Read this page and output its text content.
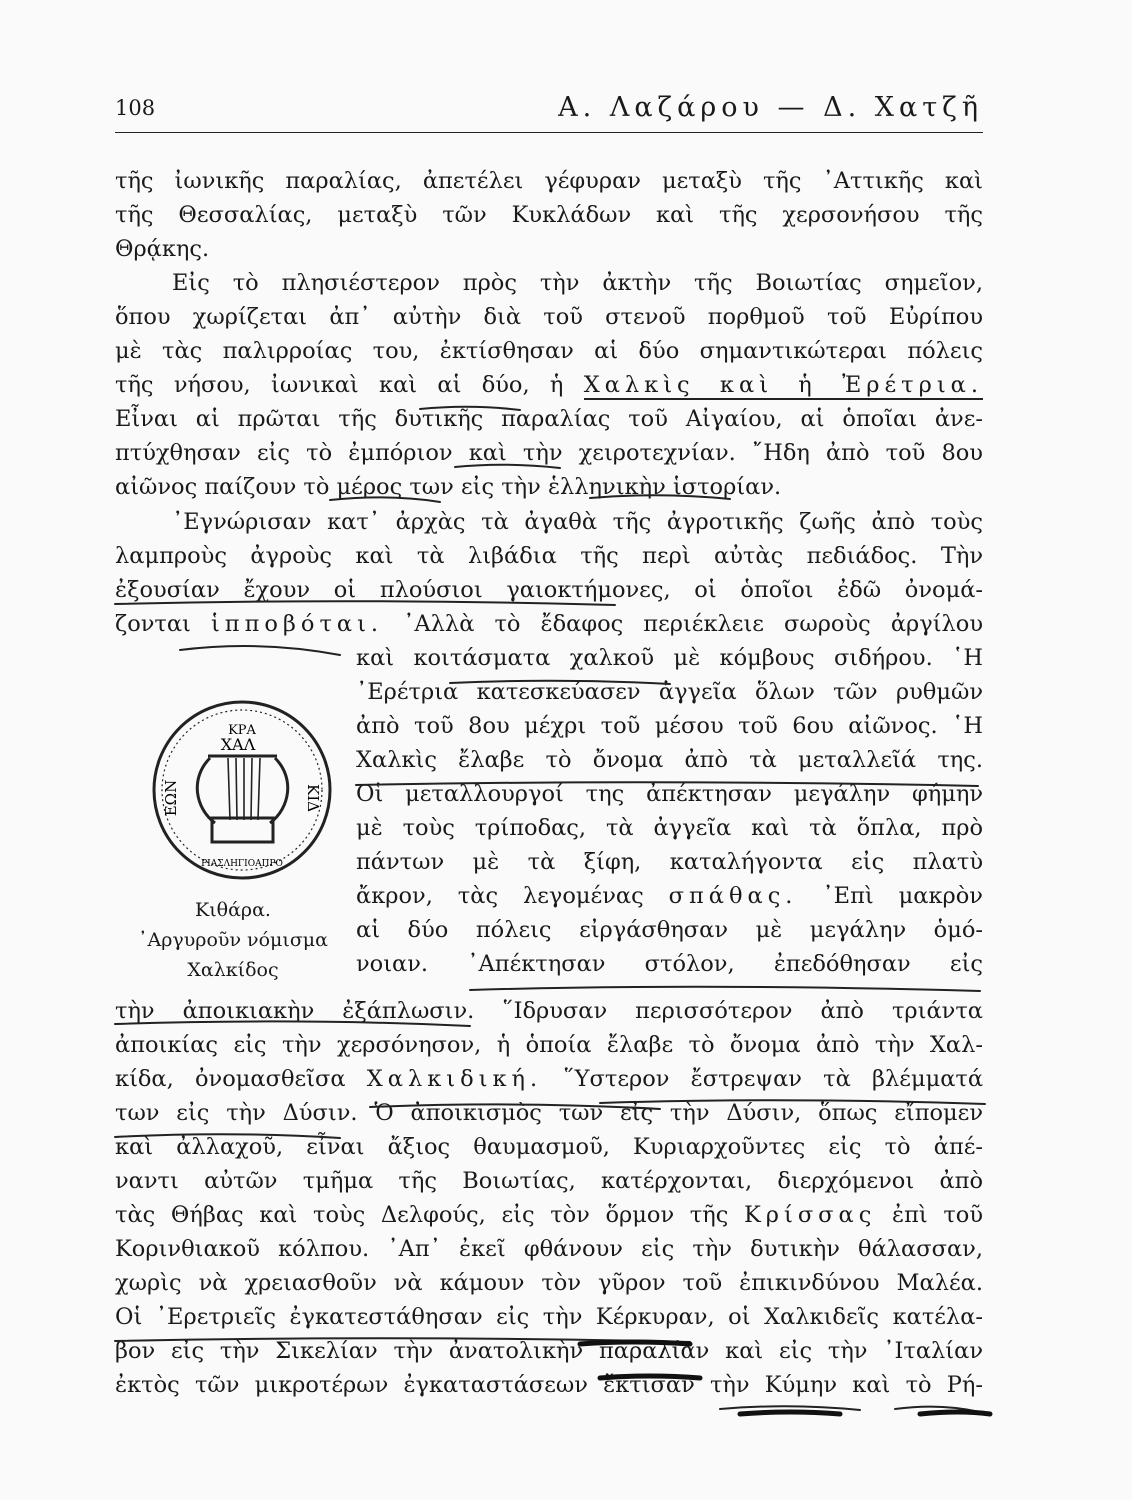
108	Α. Λαζάρου — Δ. Χατζῆ
τῆς ἰωνικῆς παραλίας, ἀπετέλει γέφυραν μεταξὺ τῆς ᾿Αττικῆς καὶ
τῆς Θεσσαλίας, μεταξὺ τῶν Κυκλάδων καὶ τῆς χερσονήσου τῆς
Θρᾴκης.
Εἰς τὸ πλησιέστερον πρὸς τὴν ἀκτὴν τῆς Βοιωτίας σημεῖον,
ὅπου χωρίζεται ἀπ᾿ αὐτὴν διὰ τοῦ στενοῦ πορθμοῦ τοῦ Εὐρίπου
μὲ τὰς παλιρροίας του, ἐκτίσθησαν αἱ δύο σημαντικώτεραι πόλεις
τῆς νήσου, ἰωνικαὶ καὶ αἱ δύο, ἡ Χαλκὶς καὶ ἡ Ἐρέτρια.
Εἶναι αἱ πρῶται τῆς δυτικῆς παραλίας τοῦ Αἰγαίου, αἱ ὁποῖαι ἀνε-
πτύχθησαν εἰς τὸ ἐμπόριον καὶ τὴν χειροτεχνίαν. ῎Ηδη ἀπὸ τοῦ 8ου
αἰῶνος παίζουν τὸ μέρος των εἰς τὴν ἑλληνικὴν ἱστορίαν.
᾿Εγνώρισαν κατ᾿ ἀρχὰς τὰ ἀγαθὰ τῆς ἀγροτικῆς ζωῆς ἀπὸ τοὺς
λαμπροὺς ἀγροὺς καὶ τὰ λιβάδια τῆς περὶ αὐτὰς πεδιάδος. Τὴν
ἐξουσίαν ἔχουν οἱ πλούσιοι γαιοκτήμονες, οἱ ὁποῖοι ἐδῶ ὀνομά-
ζονται ἱπποβόται. ᾿Αλλὰ τὸ ἔδαφος περιέκλειε σωροὺς ἀργίλου
καὶ κοιτάσματα χαλκοῦ μὲ κόμβους σιδήρου. ῾Η
᾿Ερέτρια κατεσκεύασεν ἀγγεῖα ὅλων τῶν ρυθμῶν
ἀπὸ τοῦ 8ου μέχρι τοῦ μέσου τοῦ 6ου αἰῶνος. ῾Η
Χαλκὶς ἔλαβε τὸ ὄνομα ἀπὸ τὰ μεταλλεῖά της.
Οἱ μεταλλουργοί της ἀπέκτησαν μεγάλην φήμην
μὲ τοὺς τρίποδας, τὰ ἀγγεῖα καὶ τὰ ὅπλα, πρὸ
πάντων μὲ τὰ ξίφη, καταλήγοντα εἰς πλατὺ
ἄκρον, τὰς λεγομένας σπάθας. ᾿Επὶ μακρὸν
αἱ δύο πόλεις εἰργάσθησαν μὲ μεγάλην ὁμό-
νοιαν. ᾿Απέκτησαν στόλον, ἐπεδόθησαν εἰς
ΚΡΑ
ΧΑΛ
ΚΙΔ
ΕΩΝ
ΡΙΑΣΛΗΓΙΟΑΠΡΟ
Κιθάρα.
᾿Αργυροῦν νόμισμα
Χαλκίδος
τὴν ἀποικιακὴν ἐξάπλωσιν. ῞Ιδρυσαν περισσότερον ἀπὸ τριάντα
ἀποικίας εἰς τὴν χερσόνησον, ἡ ὁποία ἔλαβε τὸ ὄνομα ἀπὸ τὴν Χαλ-
κίδα, ὀνομασθεῖσα Χαλκιδική. ῞Υστερον ἔστρεψαν τὰ βλέμματά
των εἰς τὴν Δύσιν. Ὁ ἀποικισμὸς των εἰς τὴν Δύσιν, ὅπως εἴπομεν
καὶ ἀλλαχοῦ, εἶναι ἄξιος θαυμασμοῦ, Κυριαρχοῦντες εἰς τὸ ἀπέ-
ναντι αὐτῶν τμῆμα τῆς Βοιωτίας, κατέρχονται, διερχόμενοι ἀπὸ
τὰς Θήβας καὶ τοὺς Δελφούς, εἰς τὸν ὅρμον τῆς Κρίσσας ἐπὶ τοῦ
Κορινθιακοῦ κόλπου. ᾿Απ᾿ ἐκεῖ φθάνουν εἰς τὴν δυτικὴν θάλασσαν,
χωρὶς νὰ χρειασθοῦν νὰ κάμουν τὸν γῦρον τοῦ ἐπικινδύνου Μαλέα.
Οἱ ᾿Ερετριεῖς ἐγκατεστάθησαν εἰς τὴν Κέρκυραν, οἱ Χαλκιδεῖς κατέλα-
βον εἰς τὴν Σικελίαν τὴν ἀνατολικὴν παραλίαν καὶ εἰς τὴν ᾿Ιταλίαν
ἐκτὸς τῶν μικροτέρων ἐγκαταστάσεων ἔκτισαν τὴν Κύμην καὶ τὸ Ρή-
